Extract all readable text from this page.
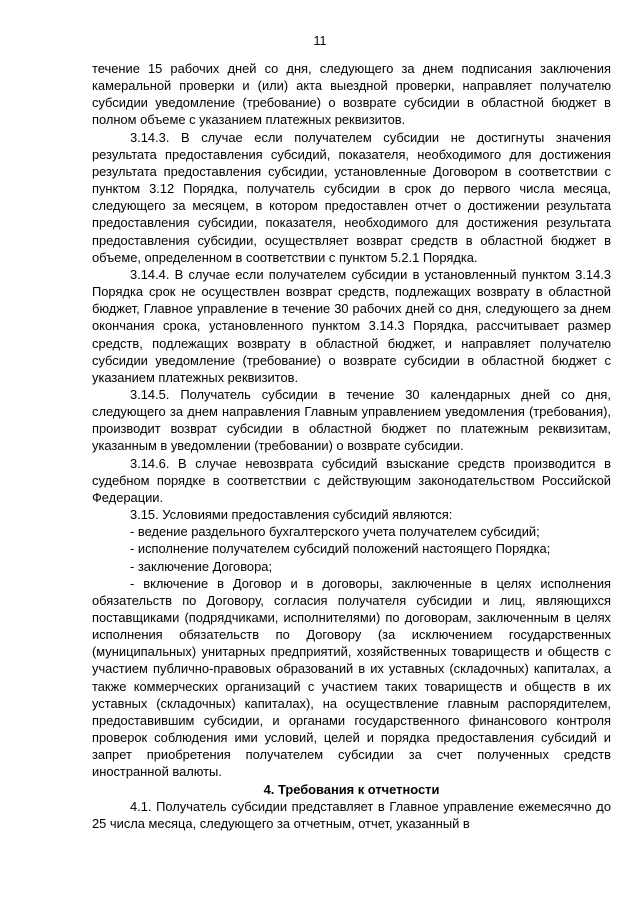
11

течение 15 рабочих дней со дня, следующего за днем подписания заключения камеральной проверки и (или) акта выездной проверки, направляет получателю субсидии уведомление (требование) о возврате субсидии в областной бюджет в полном объеме с указанием платежных реквизитов.

3.14.3. В случае если получателем субсидии не достигнуты значения результата предоставления субсидий, показателя, необходимого для достижения результата предоставления субсидии, установленные Договором в соответствии с пунктом 3.12 Порядка, получатель субсидии в срок до первого числа месяца, следующего за месяцем, в котором предоставлен отчет о достижении результата предоставления субсидии, показателя, необходимого для достижения результата предоставления субсидии, осуществляет возврат средств в областной бюджет в объеме, определенном в соответствии с пунктом 5.2.1 Порядка.

3.14.4. В случае если получателем субсидии в установленный пунктом 3.14.3 Порядка срок не осуществлен возврат средств, подлежащих возврату в областной бюджет, Главное управление в течение 30 рабочих дней со дня, следующего за днем окончания срока, установленного пунктом 3.14.3 Порядка, рассчитывает размер средств, подлежащих возврату в областной бюджет, и направляет получателю субсидии уведомление (требование) о возврате субсидии в областной бюджет с указанием платежных реквизитов.

3.14.5. Получатель субсидии в течение 30 календарных дней со дня, следующего за днем направления Главным управлением уведомления (требования), производит возврат субсидии в областной бюджет по платежным реквизитам, указанным в уведомлении (требовании) о возврате субсидии.

3.14.6. В случае невозврата субсидий взыскание средств производится в судебном порядке в соответствии с действующим законодательством Российской Федерации.

3.15. Условиями предоставления субсидий являются:

- ведение раздельного бухгалтерского учета получателем субсидий;

- исполнение получателем субсидий положений настоящего Порядка;

- заключение Договора;

- включение в Договор и в договоры, заключенные в целях исполнения обязательств по Договору, согласия получателя субсидии и лиц, являющихся поставщиками (подрядчиками, исполнителями) по договорам, заключенным в целях исполнения обязательств по Договору (за исключением государственных (муниципальных) унитарных предприятий, хозяйственных товариществ и обществ с участием публично-правовых образований в их уставных (складочных) капиталах, а также коммерческих организаций с участием таких товариществ и обществ в их уставных (складочных) капиталах), на осуществление главным распорядителем, предоставившим субсидии, и органами государственного финансового контроля проверок соблюдения ими условий, целей и порядка предоставления субсидий и запрет приобретения получателем субсидии за счет полученных средств иностранной валюты.

4. Требования к отчетности

4.1. Получатель субсидии представляет в Главное управление ежемесячно до 25 числа месяца, следующего за отчетным, отчет, указанный в
